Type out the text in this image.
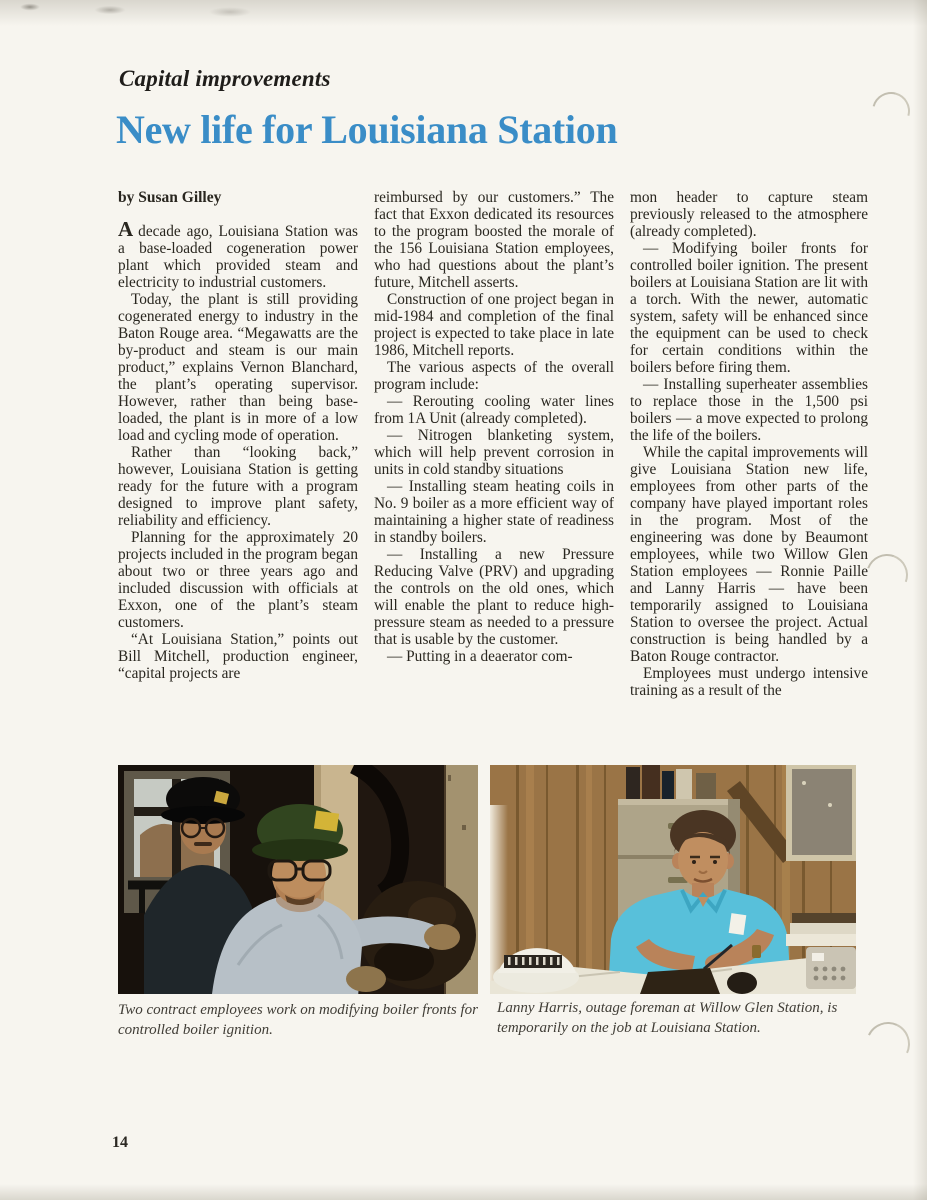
Capital improvements
New life for Louisiana Station

by Susan Gilley

A decade ago, Louisiana Station was a base-loaded cogeneration power plant which provided steam and electricity to industrial customers.

Today, the plant is still providing cogenerated energy to industry in the Baton Rouge area. “Megawatts are the by-product and steam is our main product,” explains Vernon Blanchard, the plant’s operating supervisor. However, rather than being base-loaded, the plant is in more of a low load and cycling mode of operation.

Rather than “looking back,” however, Louisiana Station is getting ready for the future with a program designed to improve plant safety, reliability and efficiency.

Planning for the approximately 20 projects included in the program began about two or three years ago and included discussion with officials at Exxon, one of the plant’s steam customers.

“At Louisiana Station,” points out Bill Mitchell, production engineer, “capital projects are

reimbursed by our customers.” The fact that Exxon dedicated its resources to the program boosted the morale of the 156 Louisiana Station employees, who had questions about the plant’s future, Mitchell asserts.

Construction of one project began in mid-1984 and completion of the final project is expected to take place in late 1986, Mitchell reports.

The various aspects of the overall program include:

— Rerouting cooling water lines from 1A Unit (already completed).

— Nitrogen blanketing system, which will help prevent corrosion in units in cold standby situations

— Installing steam heating coils in No. 9 boiler as a more efficient way of maintaining a higher state of readiness in standby boilers.

— Installing a new Pressure Reducing Valve (PRV) and upgrading the controls on the old ones, which will enable the plant to reduce high-pressure steam as needed to a pressure that is usable by the customer.

— Putting in a deaerator com-

mon header to capture steam previously released to the atmosphere (already completed).

— Modifying boiler fronts for controlled boiler ignition. The present boilers at Louisiana Station are lit with a torch. With the newer, automatic system, safety will be enhanced since the equipment can be used to check for certain conditions within the boilers before firing them.

— Installing superheater assemblies to replace those in the 1,500 psi boilers — a move expected to prolong the life of the boilers.

While the capital improvements will give Louisiana Station new life, employees from other parts of the company have played important roles in the program. Most of the engineering was done by Beaumont employees, while two Willow Glen Station employees — Ronnie Paille and Lanny Harris — have been temporarily assigned to Louisiana Station to oversee the project. Actual construction is being handled by a Baton Rouge contractor.

Employees must undergo intensive training as a result of the

Two contract employees work on modifying boiler fronts for controlled boiler ignition.
Lanny Harris, outage foreman at Willow Glen Station, is temporarily on the job at Louisiana Station.
14
